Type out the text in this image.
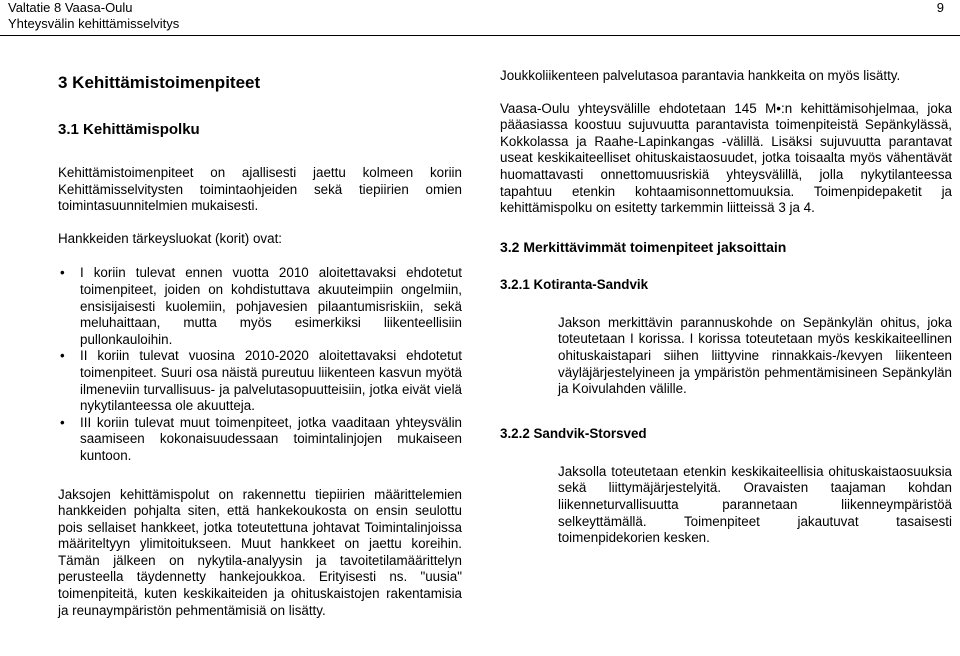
Valtatie 8 Vaasa-Oulu
Yhteysvälin kehittämisselvitys
9
3 Kehittämistoimenpiteet
3.1 Kehittämispolku

Kehittämistoimenpiteet on ajallisesti jaettu kolmeen koriin Kehittämisselvitysten toimintaohjeiden sekä tiepiirien omien toimintasuunnitelmien mukaisesti.

Hankkeiden tärkeysluokat (korit) ovat:

• I koriin tulevat ennen vuotta 2010 aloitettavaksi ehdotetut toimenpiteet, joiden on kohdistuttava akuuteimpiin ongelmiin, ensisijaisesti kuolemiin, pohjavesien pilaantumisriskiin, sekä meluhaittaan, mutta myös esimerkiksi liikenteellisiin pullonkauloihin.
• II koriin tulevat vuosina 2010-2020 aloitettavaksi ehdotetut toimenpiteet. Suuri osa näistä pureutuu liikenteen kasvun myötä ilmeneviin turvallisuus- ja palvelutasopuutteisiin, jotka eivät vielä nykytilanteessa ole akuutteja.
• III koriin tulevat muut toimenpiteet, jotka vaaditaan yhteysvälin saamiseen kokonaisuudessaan toimintalinjojen mukaiseen kuntoon.

Jaksojen kehittämispolut on rakennettu tiepiirien määrittelemien hankkeiden pohjalta siten, että hankekoukosta on ensin seulottu pois sellaiset hankkeet, jotka toteutettuna johtavat Toimintalinjoissa määriteltyyn ylimitoitukseen. Muut hankkeet on jaettu koreihin. Tämän jälkeen on nykytila-analyysin ja tavoitetilamäärittelyn perusteella täydennetty hankejoukkoa. Erityisesti ns. "uusia" toimenpiteitä, kuten keskikaiteiden ja ohituskaistojen rakentamisia ja reunaympäristön pehmentämisiä on lisätty.

Joukkoliikenteen palvelutasoa parantavia hankkeita on myös lisätty.

Vaasa-Oulu yhteysvälille ehdotetaan 145 M•:n kehittämisohjelmaa, joka pääasiassa koostuu sujuvuutta parantavista toimenpiteistä Sepänkylässä, Kokkolassa ja Raahe-Lapinkangas -välillä. Lisäksi sujuvuutta parantavat useat keskikaiteelliset ohituskaistaosuudet, jotka toisaalta myös vähentävät huomattavasti onnettomuusriskiä yhteysvälillä, jolla nykytilanteessa tapahtuu etenkin kohtaamisonnettomuuksia. Toimenpidepaketit ja kehittämispolku on esitetty tarkemmin liitteissä 3 ja 4.

3.2 Merkittävimmät toimenpiteet jaksoittain
3.2.1 Kotiranta-Sandvik

Jakson merkittävin parannuskohde on Sepänkylän ohitus, joka toteutetaan I korissa. I korissa toteutetaan myös keskikaiteellinen ohituskaistapari siihen liittyvine rinnakkais-/kevyen liikenteen väyläjärjestelyineen ja ympäristön pehmentämisineen Sepänkylän ja Koivulahden välille.

3.2.2 Sandvik-Storsved

Jaksolla toteutetaan etenkin keskikaiteellisia ohituskaistaosuuksia sekä liittymäjärjestelyitä. Oravaisten taajaman kohdan liikenneturvallisuutta parannetaan liikenneympäristöä selkeyttämällä. Toimenpiteet jakautuvat tasaisesti toimenpidekorien kesken.
